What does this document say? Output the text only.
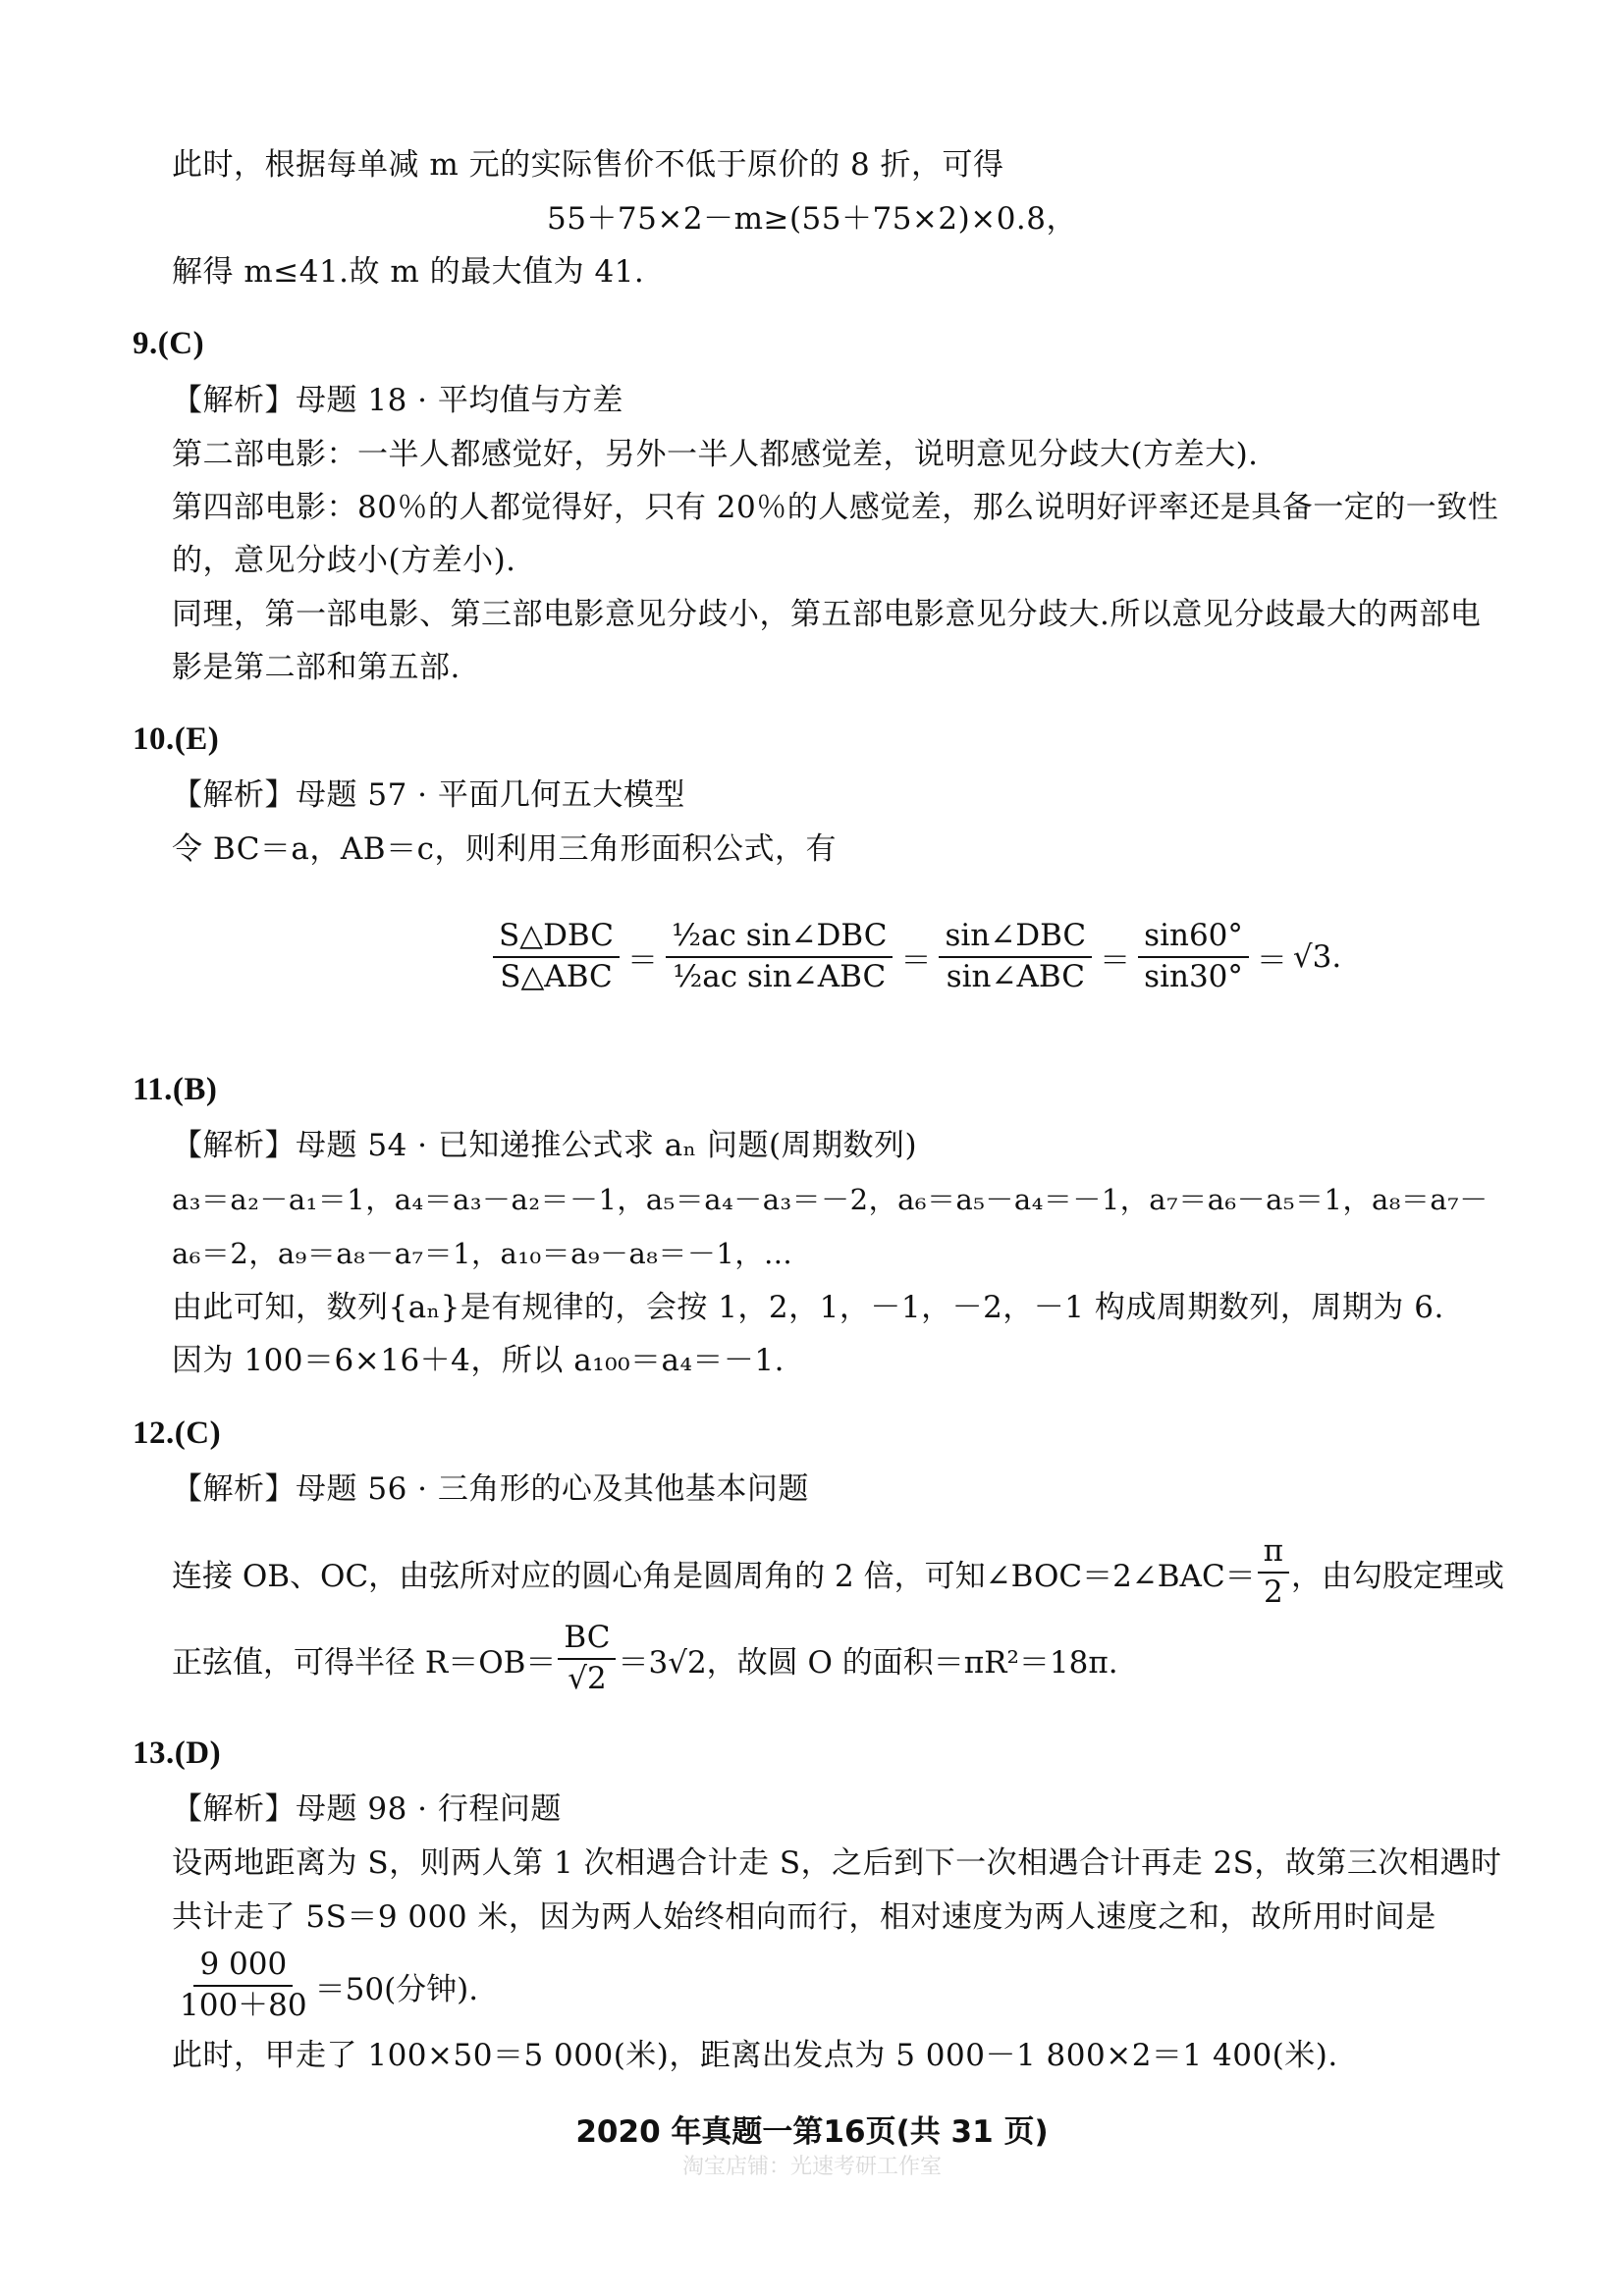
此时，根据每单减 m 元的实际售价不低于原价的 8 折，可得
55＋75×2－m≥(55＋75×2)×0.8，
解得 m≤41.故 m 的最大值为 41.
9.(C)
【解析】母题 18 · 平均值与方差
第二部电影：一半人都感觉好，另外一半人都感觉差，说明意见分歧大(方差大).
第四部电影：80％的人都觉得好，只有 20％的人感觉差，那么说明好评率还是具备一定的一致性
的，意见分歧小(方差小).
同理，第一部电影、第三部电影意见分歧小，第五部电影意见分歧大.所以意见分歧最大的两部电
影是第二部和第五部.
10.(E)
【解析】母题 57 · 平面几何五大模型
令 BC＝a，AB＝c，则利用三角形面积公式，有
$\frac{\text{S△DBC}}{\text{S△ABC}} = \frac{\text{½ac sin∠DBC}}{\text{½ac sin∠ABC}} = \frac{\text{sin∠DBC}}{\text{sin∠ABC}} = \frac{\sin 60^\circ}{\sin 30^\circ} = √3$.
11.(B)
【解析】母题 54 · 已知递推公式求 aₙ 问题(周期数列)
a₃＝a₂－a₁＝1，a₄＝a₃－a₂＝－1，a₅＝a₄－a₃＝－2，a₆＝a₅－a₄＝－1，a₇＝a₆－a₅＝1，a₈＝a₇－
a₆＝2，a₉＝a₈－a₇＝1，a₁₀＝a₉－a₈＝－1，…
由此可知，数列{aₙ}是有规律的，会按 1，2，1，－1，－2，－1 构成周期数列，周期为 6.
因为 100＝6×16＋4，所以 a₁₀₀＝a₄＝－1.
12.(C)
【解析】母题 56 · 三角形的心及其他基本问题
连接 OB、OC，由弦所对应的圆心角是圆周角的 2 倍，可知∠BOC＝2∠BAC＝ $\frac{\pi}{2}$ ，由勾股定理或
正弦值，可得半径 $R=OB= \frac{BC}{√2} =3√2$，故圆 O 的面积＝πR²＝18π.
13.(D)
【解析】母题 98 · 行程问题
设两地距离为 S，则两人第 1 次相遇合计走 S，之后到下一次相遇合计再走 2S，故第三次相遇时
共计走了 5S＝9 000 米，因为两人始终相向而行，相对速度为两人速度之和，故所用时间是
$\frac{9 000}{100+80} =50$(分钟).
此时，甲走了 100×50＝5 000(米)，距离出发点为 5 000－1 800×2＝1 400(米).
2020 年真题一第16页(共 31 页)
淘宝店铺：光速考研工作室
